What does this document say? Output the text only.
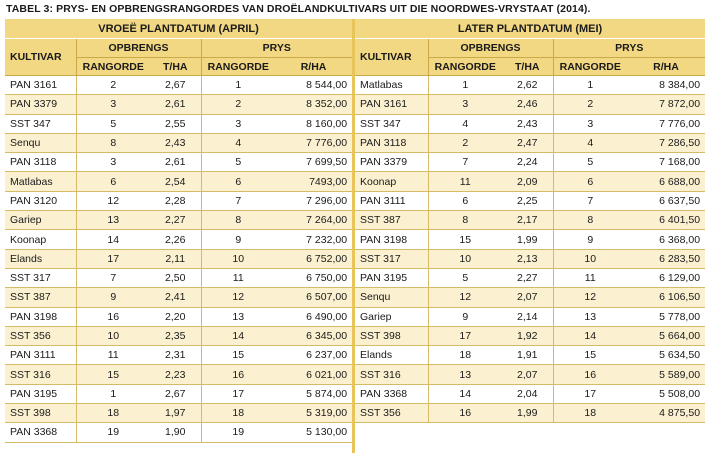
TABEL 3: PRYS- EN OPBRENGSRANGORDES VAN DROËLANDKULTIVARS UIT DIE NOORDWES-VRYSTAAT (2014).
VROEË PLANTDATUM (APRIL)				
KULTIVAR	OPBRENGS		PRYS	
	RANGORDE	T/HA	RANGORDE	R/HA
PAN 3161	2	2,67	1	8 544,00
PAN 3379	3	2,61	2	8 352,00
SST 347	5	2,55	3	8 160,00
Senqu	8	2,43	4	7 776,00
PAN 3118	3	2,61	5	7 699,50
Matlabas	6	2,54	6	7493,00
PAN 3120	12	2,28	7	7 296,00
Gariep	13	2,27	8	7 264,00
Koonap	14	2,26	9	7 232,00
Elands	17	2,11	10	6 752,00
SST 317	7	2,50	11	6 750,00
SST 387	9	2,41	12	6 507,00
PAN 3198	16	2,20	13	6 490,00
SST 356	10	2,35	14	6 345,00
PAN 3111	11	2,31	15	6 237,00
SST 316	15	2,23	16	6 021,00
PAN 3195	1	2,67	17	5 874,00
SST 398	18	1,97	18	5 319,00
PAN 3368	19	1,90	19	5 130,00
LATER PLANTDATUM (MEI)				
KULTIVAR	OPBRENGS		PRYS	
	RANGORDE	T/HA	RANGORDE	R/HA
Matlabas	1	2,62	1	8 384,00
PAN 3161	3	2,46	2	7 872,00
SST 347	4	2,43	3	7 776,00
PAN 3118	2	2,47	4	7 286,50
PAN 3379	7	2,24	5	7 168,00
Koonap	11	2,09	6	6 688,00
PAN 3111	6	2,25	7	6 637,50
SST 387	8	2,17	8	6 401,50
PAN 3198	15	1,99	9	6 368,00
SST 317	10	2,13	10	6 283,50
PAN 3195	5	2,27	11	6 129,00
Senqu	12	2,07	12	6 106,50
Gariep	9	2,14	13	5 778,00
SST 398	17	1,92	14	5 664,00
Elands	18	1,91	15	5 634,50
SST 316	13	2,07	16	5 589,00
PAN 3368	14	2,04	17	5 508,00
SST 356	16	1,99	18	4 875,50
